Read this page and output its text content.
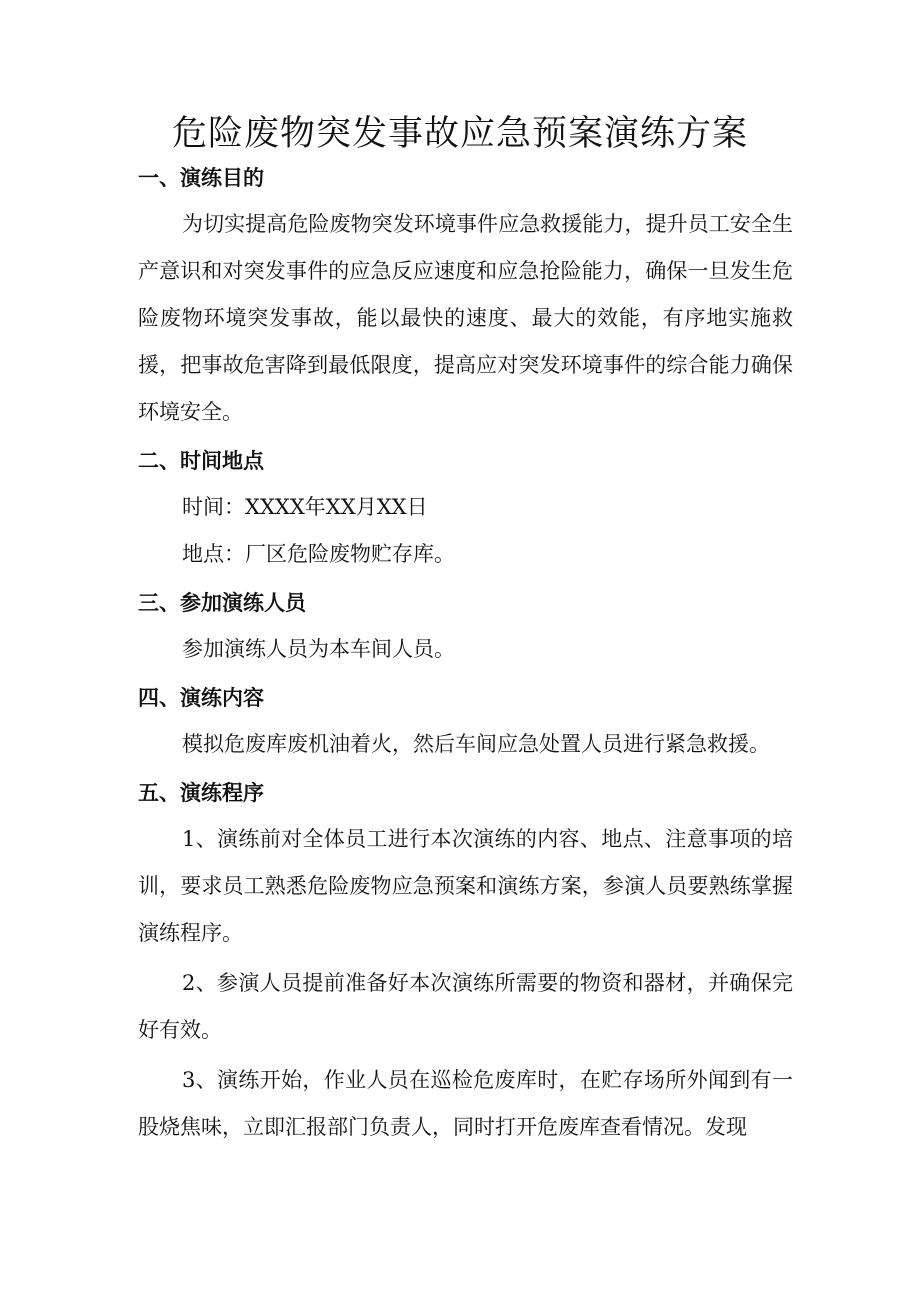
危险废物突发事故应急预案演练方案
一、演练目的

为切实提高危险废物突发环境事件应急救援能力，提升员工安全生产意识和对突发事件的应急反应速度和应急抢险能力，确保一旦发生危险废物环境突发事故，能以最快的速度、最大的效能，有序地实施救援，把事故危害降到最低限度，提高应对突发环境事件的综合能力确保环境安全。

二、时间地点

时间：XXXX年XX月XX日

地点：厂区危险废物贮存库。

三、参加演练人员

参加演练人员为本车间人员。

四、演练内容

模拟危废库废机油着火，然后车间应急处置人员进行紧急救援。

五、演练程序

1、演练前对全体员工进行本次演练的内容、地点、注意事项的培训，要求员工熟悉危险废物应急预案和演练方案，参演人员要熟练掌握演练程序。

2、参演人员提前准备好本次演练所需要的物资和器材，并确保完好有效。

3、演练开始，作业人员在巡检危废库时，在贮存场所外闻到有一股烧焦味，立即汇报部门负责人，同时打开危废库查看情况。发现
